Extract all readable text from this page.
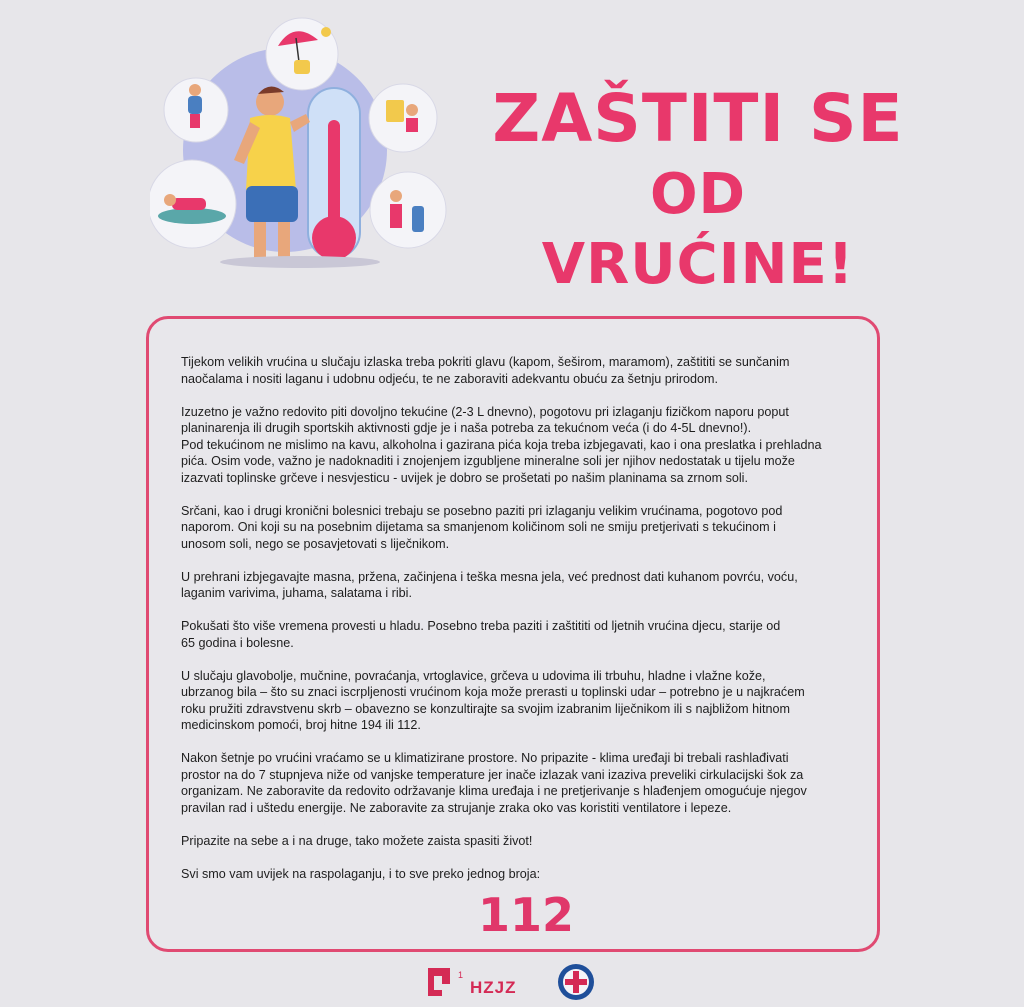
ZAŠTITI SE
OD VRUĆINE!

Tijekom velikih vrućina u slučaju izlaska treba pokriti glavu (kapom, šeširom, maramom), zaštititi se sunčanim
naočalama i nositi laganu i udobnu odjeću, te ne zaboraviti adekvantu obuću za šetnju prirodom.

Izuzetno je važno redovito piti dovoljno tekućine (2-3 L dnevno), pogotovu pri izlaganju fizičkom naporu poput
planinarenja ili drugih sportskih aktivnosti gdje je i naša potreba za tekućnom veća (i do 4-5L dnevno!).
Pod tekućinom ne mislimo na kavu, alkoholna i gazirana pića koja treba izbjegavati, kao i ona preslatka i prehladna
pića. Osim vode, važno je nadoknaditi i znojenjem izgubljene mineralne soli jer njihov nedostatak u tijelu može
izazvati toplinske grčeve i nesvjesticu - uvijek je dobro se prošetati po našim planinama sa zrnom soli.

Srčani, kao i drugi kronični bolesnici trebaju se posebno paziti pri izlaganju velikim vrućinama, pogotovo pod
naporom. Oni koji su na posebnim dijetama sa smanjenom količinom soli ne smiju pretjerivati s tekućinom i
unosom soli, nego se posavjetovati s liječnikom.

U prehrani izbjegavajte masna, pržena, začinjena i teška mesna jela, već prednost dati kuhanom povrću, voću,
laganim varivima, juhama, salatama i ribi.

Pokušati što više vremena provesti u hladu. Posebno treba paziti i zaštititi od ljetnih vrućina djecu, starije od
65 godina i bolesne.

U slučaju glavobolje, mučnine, povraćanja, vrtoglavice, grčeva u udovima ili trbuhu, hladne i vlažne kože,
ubrzanog bila – što su znaci iscrpljenosti vrućinom koja može prerasti u toplinski udar – potrebno je u najkraćem
roku pružiti zdravstvenu skrb – obavezno se konzultirajte sa svojim izabranim liječnikom ili s najbližom hitnom
medicinskom pomoći, broj hitne 194 ili 112.

Nakon šetnje po vrućini vraćamo se u klimatizirane prostore. No pripazite - klima uređaji bi trebali rashlađivati
prostor na do 7 stupnjeva niže od vanjske temperature jer inače izlazak vani izaziva preveliki cirkulacijski šok za
organizam. Ne zaboravite da redovito održavanje klima uređaja i ne pretjerivanje s hlađenjem omogućuje njegov
pravilan rad i uštedu energije. Ne zaboravite za strujanje zraka oko vas koristiti ventilatore i lepeze.

Pripazite na sebe a i na druge, tako možete zaista spasiti život!

Svi smo vam uvijek na raspolaganju, i to sve preko jednog broja:

112
1
HZJZ
